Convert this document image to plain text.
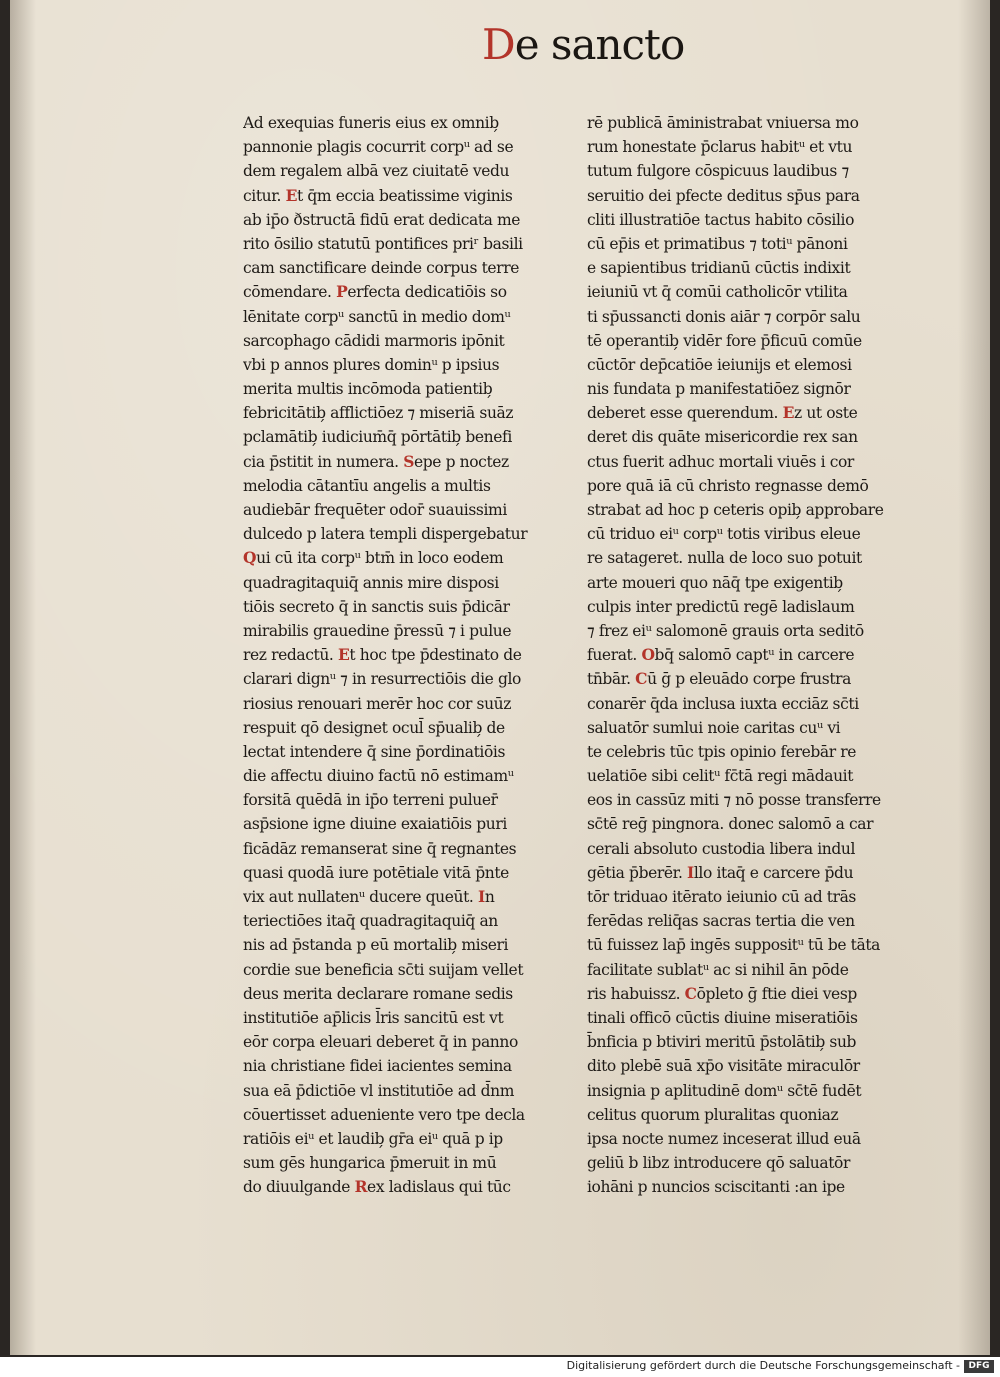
De sancto
Ad exequias funeris eius ex omnib̗
pannonie plagis cocurrit corpᵘ ad se
dem regalem albā vez ciuitatē vedu
citur. Et q̄m eccia beatissime viginis
ab ip̄o ðstructā fidū erat dedicata me
rito ōsilio statutū pontifices priʳ basili
cam sanctificare deinde corpus terre
cōmendare. Perfecta dedicatiōis so
lēnitate corpᵘ sanctū in medio domᵘ
sarcophago cādidi marmoris ipōnit
vbi p annos plures dominᵘ p ipsius
merita multis incōmoda patientib̗
febricitātib̗ afflictiōez ⁊ miseriā suāz
pclamātib̗ iudicium̄q̄ pōrtātib̗ benefi
cia p̄stitit in numera. Sepe p noctez
melodia cātantīu angelis a multis
audiebār frequēter odor̄ suauissimi
dulcedo p latera templi dispergebatur
Qui cū ita corpᵘ btm̄ in loco eodem
quadragitaquiq̄ annis mire disposi
tiōis secreto q̄ in sanctis suis p̄dicār
mirabilis grauedine p̄ressū ⁊ i pulue
rez redactū. Et hoc tpe p̄destinato de
clarari dignᵘ ⁊ in resurrectiōis die glo
riosius renouari merēr hoc cor suūz
respuit qō designet ocul̄ sp̄ualib̗ de
lectat intendere q̄ sine p̄ordinatiōis
die affectu diuino factū nō estimamᵘ
forsitā quēdā in ip̄o terreni puluer̄
asp̄sione igne diuine exaiatiōis puri
ficādāz remanserat sine q̄ regnantes
quasi quodā iure potētiale vitā p̄nte
vix aut nullatenᵘ ducere queūt. In
teriectiōes itaq̄ quadragitaquiq̄ an
nis ad p̄standa p eū mortalib̗ miseri
cordie sue beneficia sc̄ti suijam vellet
deus merita declarare romane sedis
institutiōe ap̄licis l̄ris sancitū est vt
eōr corpa eleuari deberet q̄ in panno
nia christiane fidei iacientes semina
sua eā p̄dictiōe vl institutiōe ad d̄nm
cōuertisset adueniente vero tpe decla
ratiōis eiᵘ et laudib̗ gr̄a eiᵘ quā p ip
sum gēs hungarica p̄meruit in mū
do diuulgande Rex ladislaus qui tūc
rē publicā āministrabat vniuersa mo
rum honestate p̄clarus habitᵘ et vtu
tutum fulgore cōspicuus laudibus ⁊
seruitio dei pfecte deditus sp̄us para
cliti illustratiōe tactus habito cōsilio
cū ep̄is et primatibus ⁊ totiᵘ pānoni
e sapientibus tridianū cūctis indixit
ieiuniū vt q̄ comūi catholicōr vtilita
ti sp̄ussancti donis aiār ⁊ corpōr salu
tē operantib̗ vidēr fore p̄ficuū comūe
cūctōr dep̄catiōe ieiunijs et elemosi
nis fundata p manifestatiōez signōr
deberet esse querendum. Ez ut oste
deret dis quāte misericordie rex san
ctus fuerit adhuc mortali viuēs i cor
pore quā iā cū christo regnasse demō
strabat ad hoc p ceteris opib̗ approbare
cū triduo eiᵘ corpᵘ totis viribus eleue
re satageret. nulla de loco suo potuit
arte moueri quo nāq̄ tpe exigentib̗
culpis inter predictū regē ladislaum
⁊ frez eiᵘ salomonē grauis orta seditō
fuerat. Obq̄ salomō captᵘ in carcere
tn̄bār. Cū ḡ p eleuādo corpe frustra
conarēr q̄da inclusa iuxta ecciāz sc̄ti
saluatōr sumlui noie caritas cuᵘ vi
te celebris tūc tpis opinio ferebār re
uelatiōe sibi celitᵘ fc̄tā regi mādauit
eos in cassūz miti ⁊ nō posse transferre
sc̄tē reḡ pingnora. donec salomō a car
cerali absoluto custodia libera indul
gētia p̄berēr. Illo itaq̄ e carcere p̄du
tōr triduao itērato ieiunio cū ad trās
ferēdas reliq̄as sacras tertia die ven
tū fuissez lap̄ ingēs suppositᵘ tū be tāta
facilitate sublatᵘ ac si nihil ān pōde
ris habuissz. Cōpleto ḡ ftie diei vesp
tinali officō cūctis diuine miseratiōis
b̄nficia p btiviri meritū p̄stolātib̗ sub
dito plebē suā xp̄o visitāte miraculōr
insignia p aplitudinē domᵘ sc̄tē fudēt
celitus quorum pluralitas quoniaz
ipsa nocte numez inceserat illud euā
geliū b libz introducere qō saluatōr
iohāni p nuncios sciscitanti :an ipe
Digitalisierung gefördert durch die Deutsche Forschungsgemeinschaft - DFG
